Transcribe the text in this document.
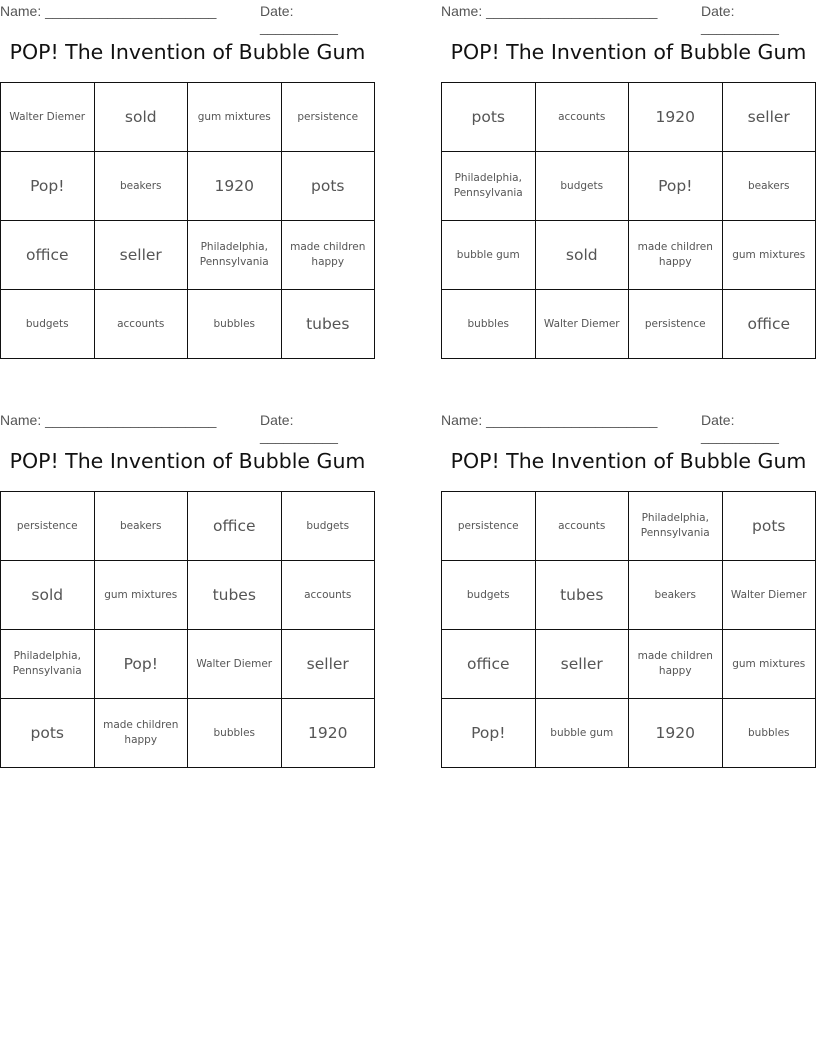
Name: ______________________	Date: __________
POP! The Invention of Bubble Gum
Walter Diemer	sold	gum mixtures	persistence
Pop!	beakers	1920	pots
office	seller	Philadelphia, Pennsylvania	made children happy
budgets	accounts	bubbles	tubes
Name: ______________________	Date: __________
POP! The Invention of Bubble Gum
pots	accounts	1920	seller
Philadelphia, Pennsylvania	budgets	Pop!	beakers
bubble gum	sold	made children happy	gum mixtures
bubbles	Walter Diemer	persistence	office
Name: ______________________	Date: __________
POP! The Invention of Bubble Gum
persistence	beakers	office	budgets
sold	gum mixtures	tubes	accounts
Philadelphia, Pennsylvania	Pop!	Walter Diemer	seller
pots	made children happy	bubbles	1920
Name: ______________________	Date: __________
POP! The Invention of Bubble Gum
persistence	accounts	Philadelphia, Pennsylvania	pots
budgets	tubes	beakers	Walter Diemer
office	seller	made children happy	gum mixtures
Pop!	bubble gum	1920	bubbles
